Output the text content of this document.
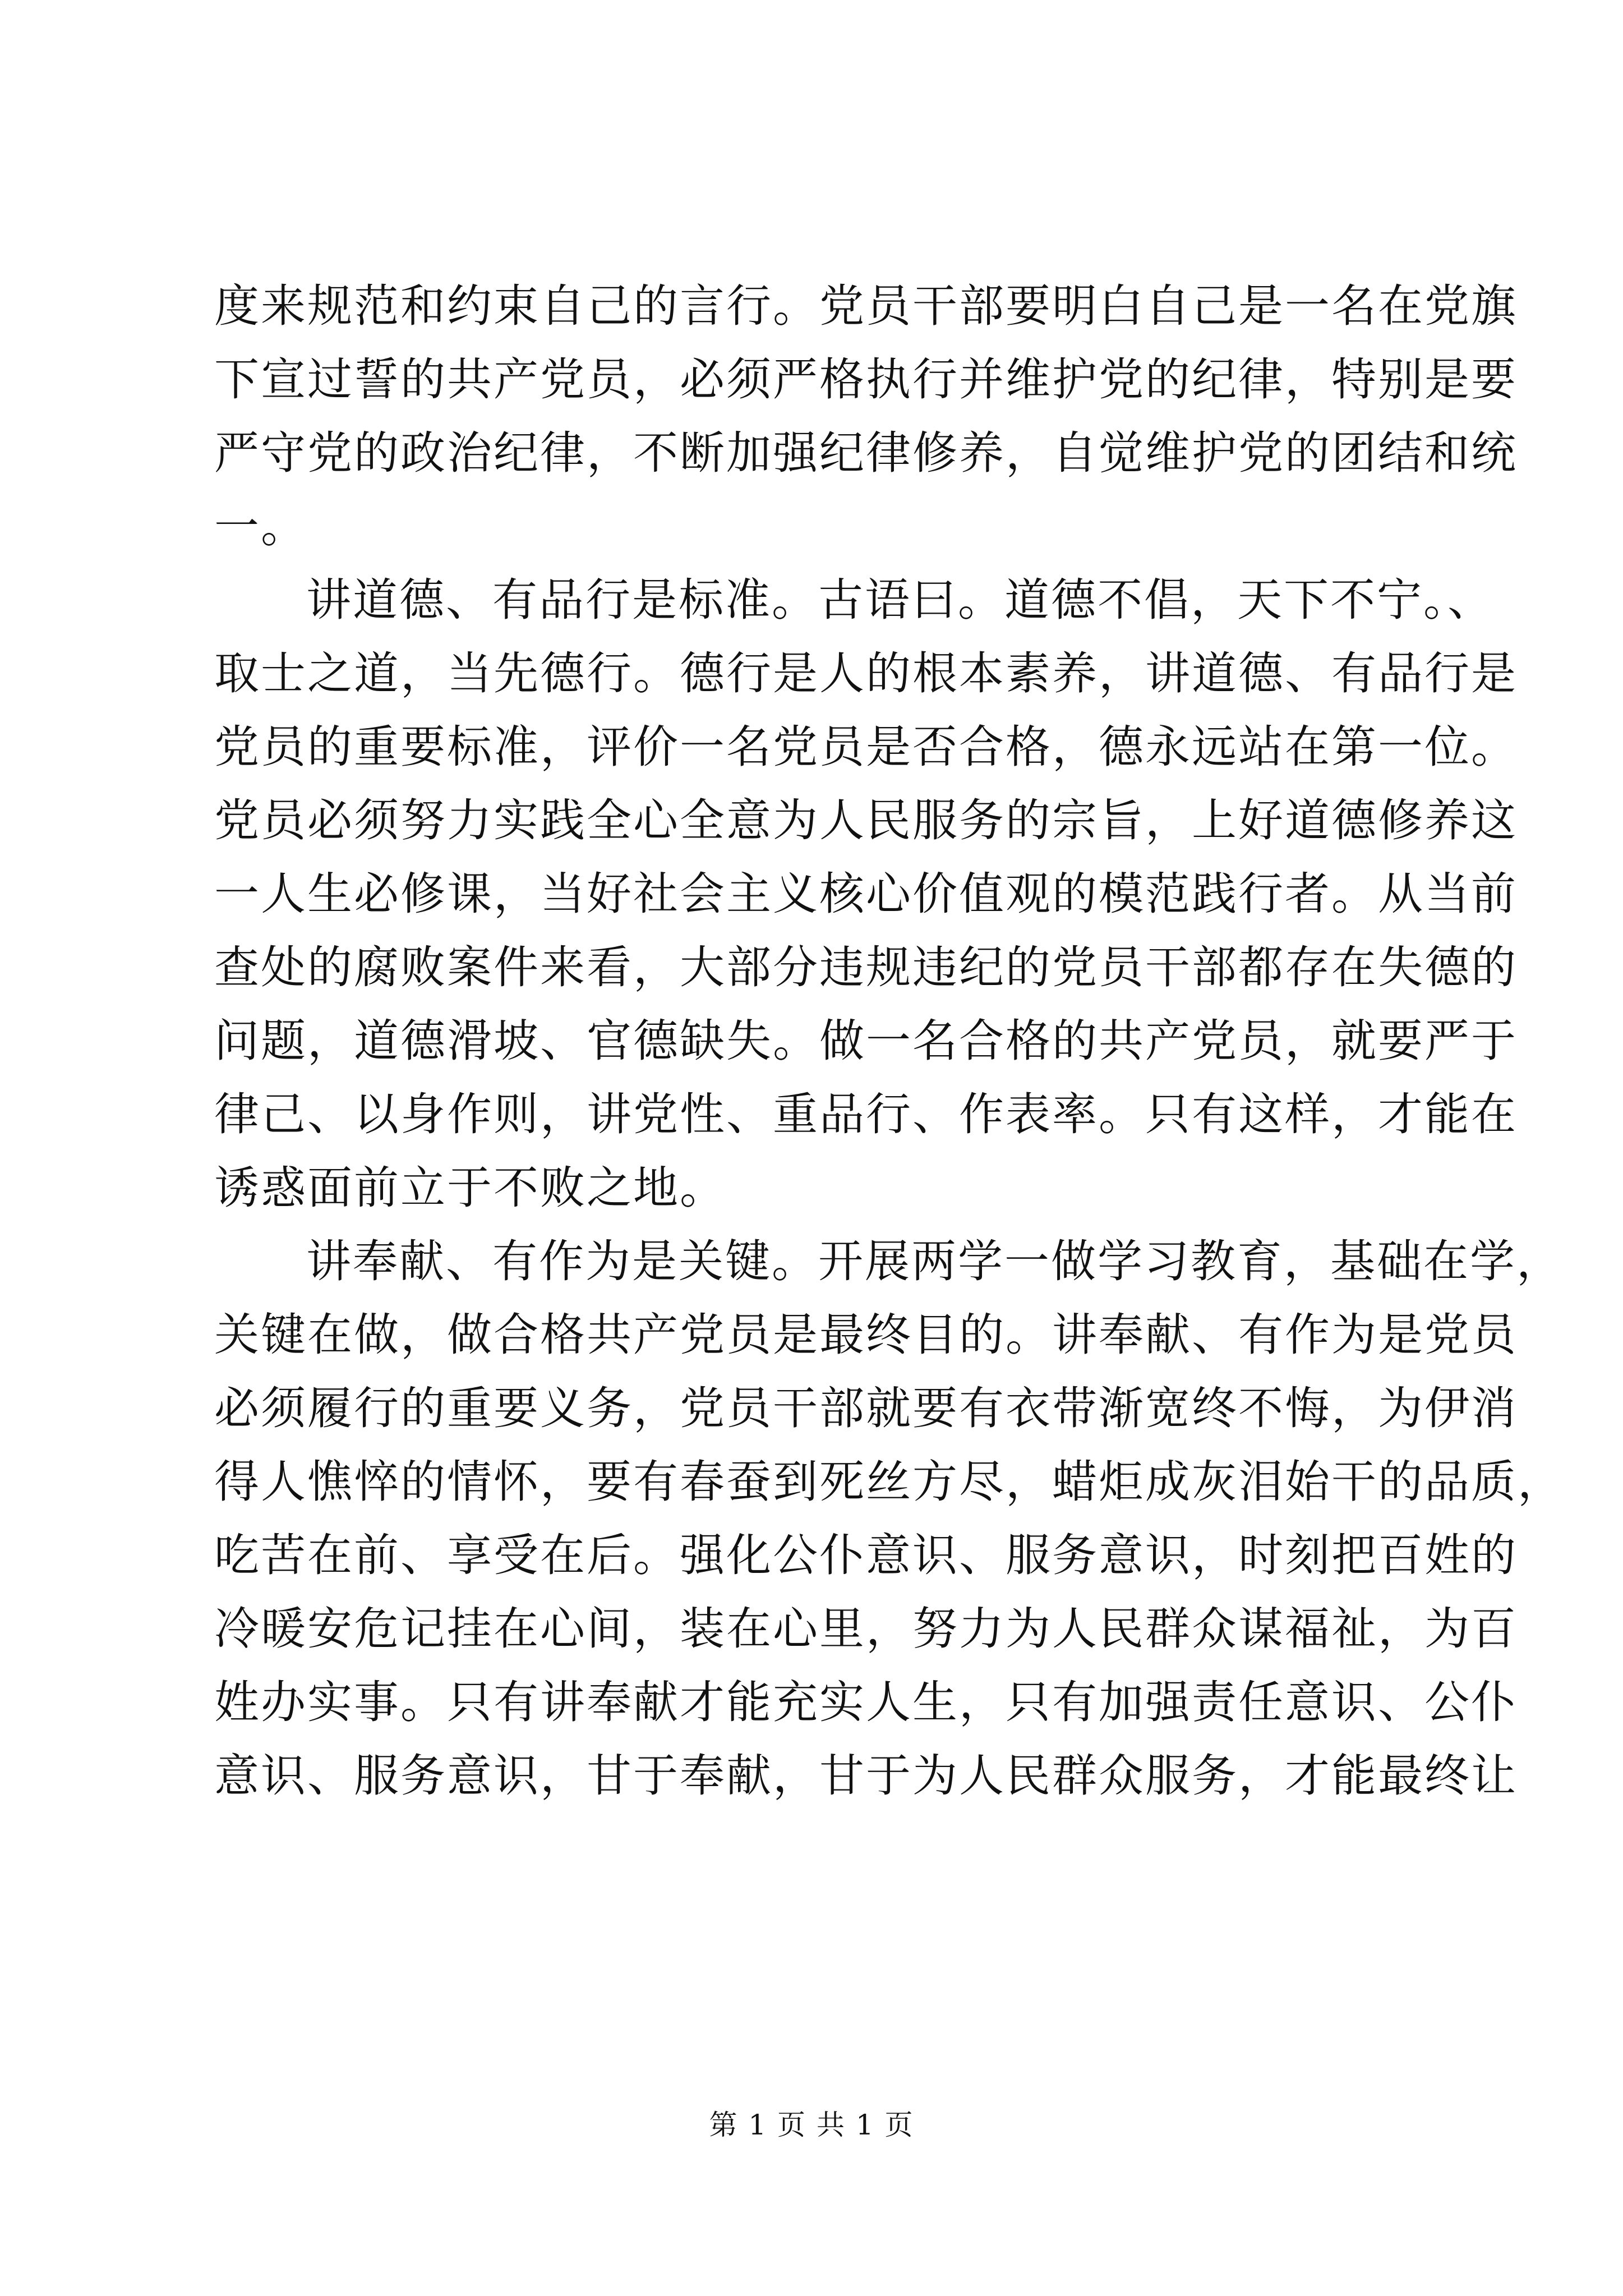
度来规范和约束自己的言行。党员干部要明白自己是一名在党旗
下宣过誓的共产党员，必须严格执行并维护党的纪律，特别是要
严守党的政治纪律，不断加强纪律修养，自觉维护党的团结和统
一。
讲道德、有品行是标准。古语曰。道德不倡，天下不宁。、
取士之道，当先德行。德行是人的根本素养，讲道德、有品行是
党员的重要标准，评价一名党员是否合格，德永远站在第一位。
党员必须努力实践全心全意为人民服务的宗旨，上好道德修养这
一人生必修课，当好社会主义核心价值观的模范践行者。从当前
查处的腐败案件来看，大部分违规违纪的党员干部都存在失德的
问题，道德滑坡、官德缺失。做一名合格的共产党员，就要严于
律己、以身作则，讲党性、重品行、作表率。只有这样，才能在
诱惑面前立于不败之地。
讲奉献、有作为是关键。开展两学一做学习教育，基础在学，
关键在做，做合格共产党员是最终目的。讲奉献、有作为是党员
必须履行的重要义务，党员干部就要有衣带渐宽终不悔，为伊消
得人憔悴的情怀，要有春蚕到死丝方尽，蜡炬成灰泪始干的品质，
吃苦在前、享受在后。强化公仆意识、服务意识，时刻把百姓的
冷暖安危记挂在心间，装在心里，努力为人民群众谋福祉，为百
姓办实事。只有讲奉献才能充实人生，只有加强责任意识、公仆
意识、服务意识，甘于奉献，甘于为人民群众服务，才能最终让
第 1 页 共 1 页
